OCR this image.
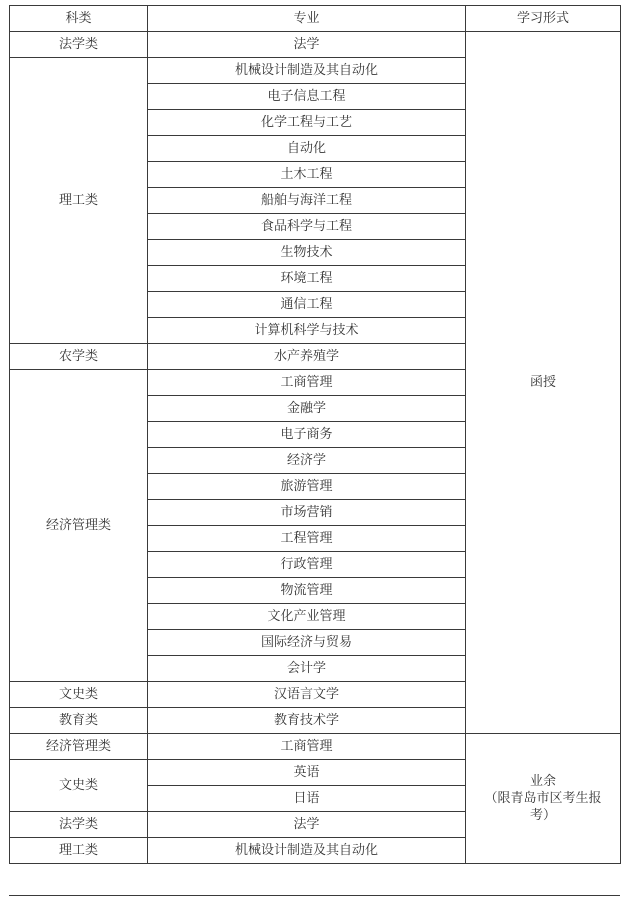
科类	专业	学习形式
法学类	法学	函授
理工类	机械设计制造及其自动化	
	电子信息工程	
	化学工程与工艺	
	自动化	
	土木工程	
	船舶与海洋工程	
	食品科学与工程	
	生物技术	
	环境工程	
	通信工程	
	计算机科学与技术	
农学类	水产养殖学	
经济管理类	工商管理	
	金融学	
	电子商务	
	经济学	
	旅游管理	
	市场营销	
	工程管理	
	行政管理	
	物流管理	
	文化产业管理	
	国际经济与贸易	
	会计学	
文史类	汉语言文学	
教育类	教育技术学	
经济管理类	工商管理	业余
（限青岛市区考生报
考）

文史类	英语	
	日语	
法学类	法学	
理工类	机械设计制造及其自动化	
